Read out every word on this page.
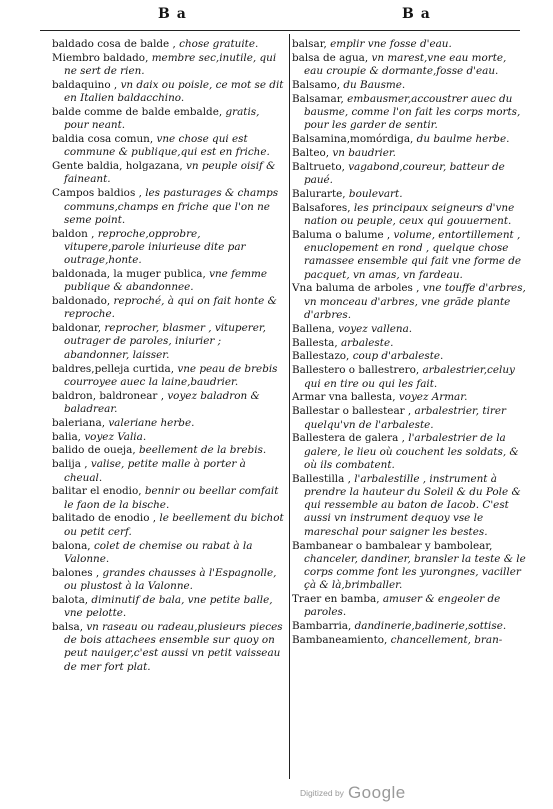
B a	B a

baldado cosa de balde , chose gratuite.

Miembro baldado, membre sec,inutile, qui ne sert de rien.

baldaquino , vn daix ou poisle, ce mot se dit en Italien baldacchino.

balde comme de balde embalde, gratis, pour neant.

baldia cosa comun, vne chose qui est commune & publique,qui est en friche.

Gente baldia, holgazana, vn peuple oisif & faineant.

Campos baldios , les pasturages & champs communs,champs en friche que l'on ne seme point.

baldon , reproche,opprobre, vitupere,parole iniurieuse dite par outrage,honte.

baldonada, la muger publica, vne femme publique & abandonnee.

baldonado, reproché, à qui on fait honte & reproche.

baldonar, reprocher, blasmer , vituperer, outrager de paroles, iniurier ; abandonner, laisser.

baldres,pelleja curtida, vne peau de brebis courroyee auec la laine,baudrier.

baldron, baldronear , voyez baladron & baladrear.

baleriana, valeriane herbe.

balia, voyez Valia.

balido de oueja, beellement de la brebis.

balija , valise, petite malle à porter à cheual.

balitar el enodio, bennir ou beellar comfait le faon de la bische.

balitado de enodio , le beellement du bichot ou petit cerf.

balona, colet de chemise ou rabat à la Valonne.

balones , grandes chausses à l'Espagnolle, ou plustost à la Valonne.

balota, diminutif de bala, vne petite balle, vne pelotte.

balsa, vn raseau ou radeau,plusieurs pieces de bois attachees ensemble sur quoy on peut nauiger,c'est aussi vn petit vaisseau de mer fort plat.

balsar, emplir vne fosse d'eau.

balsa de agua, vn marest,vne eau morte, eau croupie & dormante,fosse d'eau.

Balsamo, du Bausme.

Balsamar, embausmer,accoustrer auec du bausme, comme l'on fait les corps morts, pour les garder de sentir.

Balsamina,momórdiga, du baulme herbe.

Balteo, vn baudrier.

Baltrueto, vagabond,coureur, batteur de paué.

Balurarte, boulevart.

Balsafores, les principaux seigneurs d'vne nation ou peuple, ceux qui gouuernent.

Baluma o balume , volume, entortillement , enuclopement en rond , quelque chose ramassee ensemble qui fait vne forme de pacquet, vn amas, vn fardeau.

Vna baluma de arboles , vne touffe d'arbres, vn monceau d'arbres, vne grãde plante d'arbres.

Ballena, voyez vallena.

Ballesta, arbaleste.

Ballestazo, coup d'arbaleste.

Ballestero o ballestrero, arbalestrier,celuy qui en tire ou qui les fait.

Armar vna ballesta, voyez Armar.

Ballestar o ballestear , arbalestrier, tirer quelqu'vn de l'arbaleste.

Ballestera de galera , l'arbalestrier de la galere, le lieu où couchent les soldats, & où ils combatent.

Ballestilla , l'arbalestille , instrument à prendre la hauteur du Soleil & du Pole & qui ressemble au baton de Iacob. C'est aussi vn instrument dequoy vse le mareschal pour saigner les bestes.

Bambanear o bambalear y bambolear, chanceler, dandiner, bransler la teste & le corps comme font les yurongnes, vaciller çà & là,brimballer.

Traer en bamba, amuser & engeoler de paroles.

Bambarria, dandinerie,badinerie,sottise.

Bambaneamiento, chancellement, bran-

Digitized by Google
